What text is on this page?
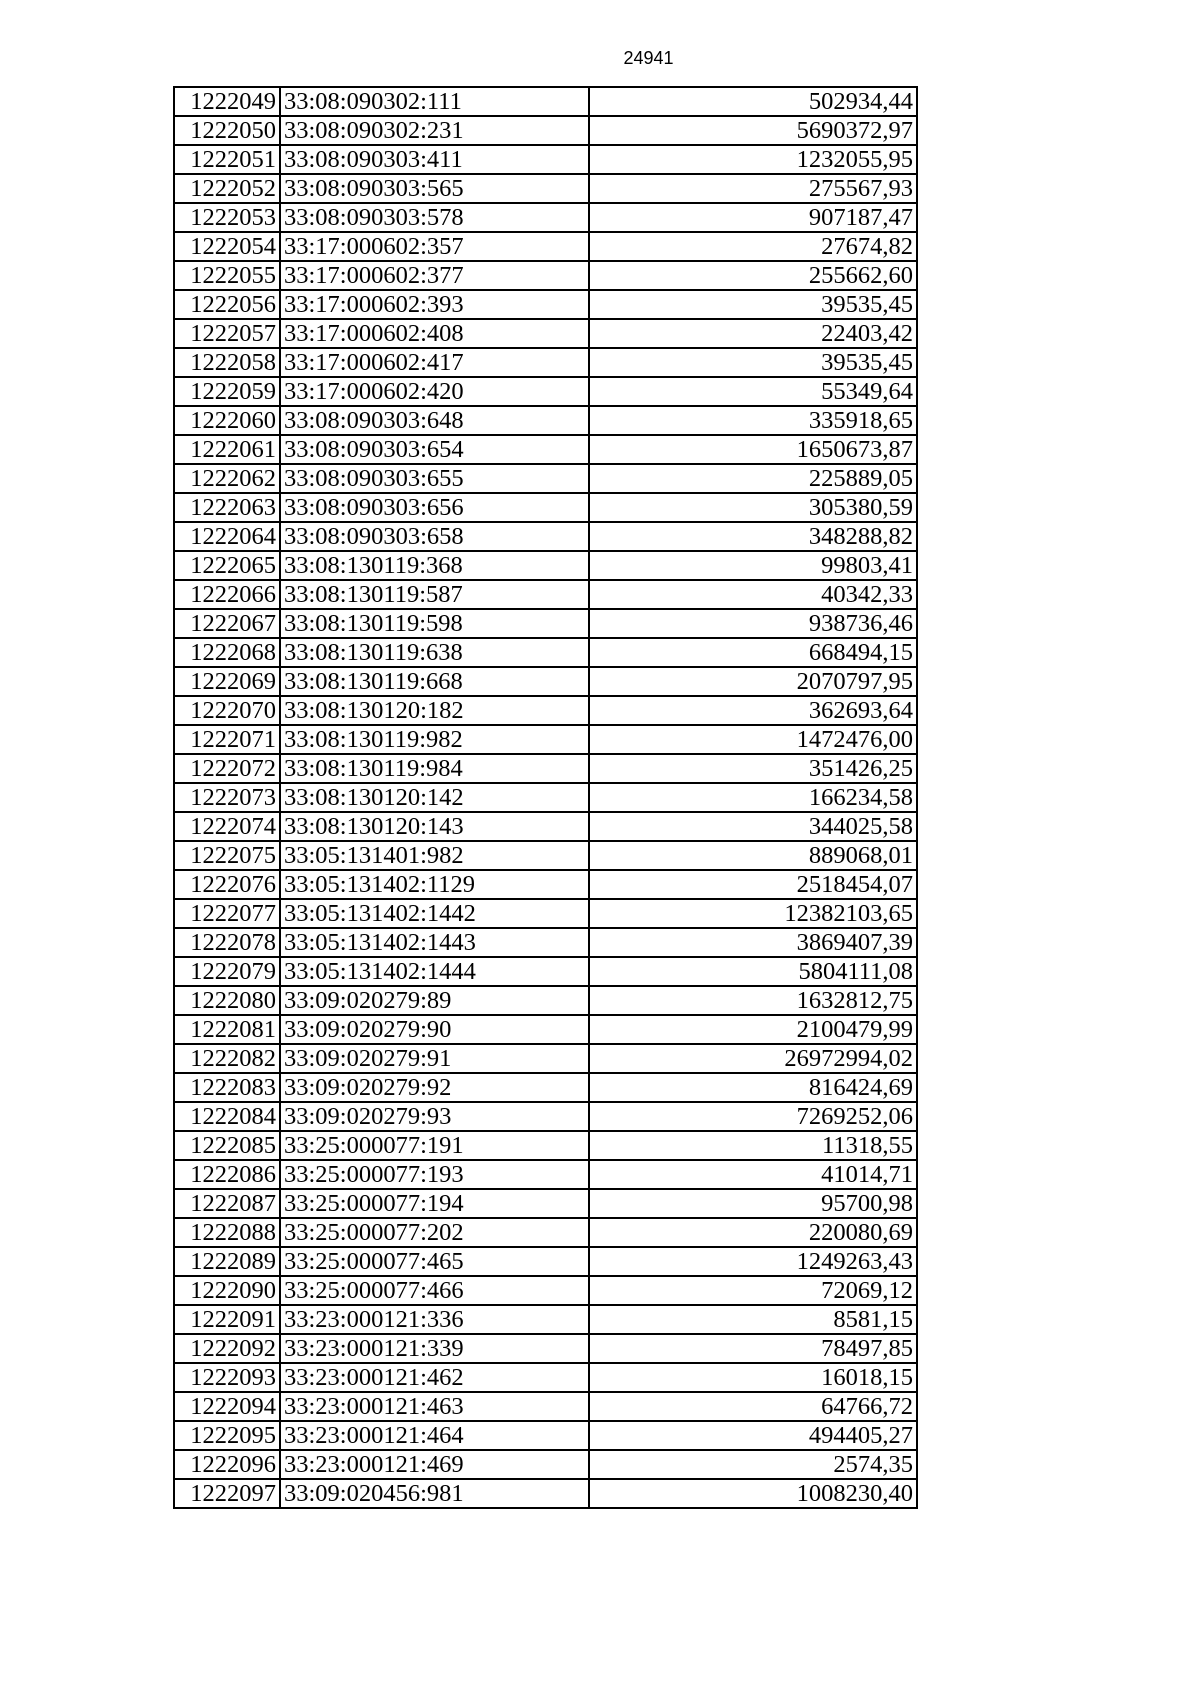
24941
1222049	33:08:090302:111	502934,44
1222050	33:08:090302:231	5690372,97
1222051	33:08:090303:411	1232055,95
1222052	33:08:090303:565	275567,93
1222053	33:08:090303:578	907187,47
1222054	33:17:000602:357	27674,82
1222055	33:17:000602:377	255662,60
1222056	33:17:000602:393	39535,45
1222057	33:17:000602:408	22403,42
1222058	33:17:000602:417	39535,45
1222059	33:17:000602:420	55349,64
1222060	33:08:090303:648	335918,65
1222061	33:08:090303:654	1650673,87
1222062	33:08:090303:655	225889,05
1222063	33:08:090303:656	305380,59
1222064	33:08:090303:658	348288,82
1222065	33:08:130119:368	99803,41
1222066	33:08:130119:587	40342,33
1222067	33:08:130119:598	938736,46
1222068	33:08:130119:638	668494,15
1222069	33:08:130119:668	2070797,95
1222070	33:08:130120:182	362693,64
1222071	33:08:130119:982	1472476,00
1222072	33:08:130119:984	351426,25
1222073	33:08:130120:142	166234,58
1222074	33:08:130120:143	344025,58
1222075	33:05:131401:982	889068,01
1222076	33:05:131402:1129	2518454,07
1222077	33:05:131402:1442	12382103,65
1222078	33:05:131402:1443	3869407,39
1222079	33:05:131402:1444	5804111,08
1222080	33:09:020279:89	1632812,75
1222081	33:09:020279:90	2100479,99
1222082	33:09:020279:91	26972994,02
1222083	33:09:020279:92	816424,69
1222084	33:09:020279:93	7269252,06
1222085	33:25:000077:191	11318,55
1222086	33:25:000077:193	41014,71
1222087	33:25:000077:194	95700,98
1222088	33:25:000077:202	220080,69
1222089	33:25:000077:465	1249263,43
1222090	33:25:000077:466	72069,12
1222091	33:23:000121:336	8581,15
1222092	33:23:000121:339	78497,85
1222093	33:23:000121:462	16018,15
1222094	33:23:000121:463	64766,72
1222095	33:23:000121:464	494405,27
1222096	33:23:000121:469	2574,35
1222097	33:09:020456:981	1008230,40
